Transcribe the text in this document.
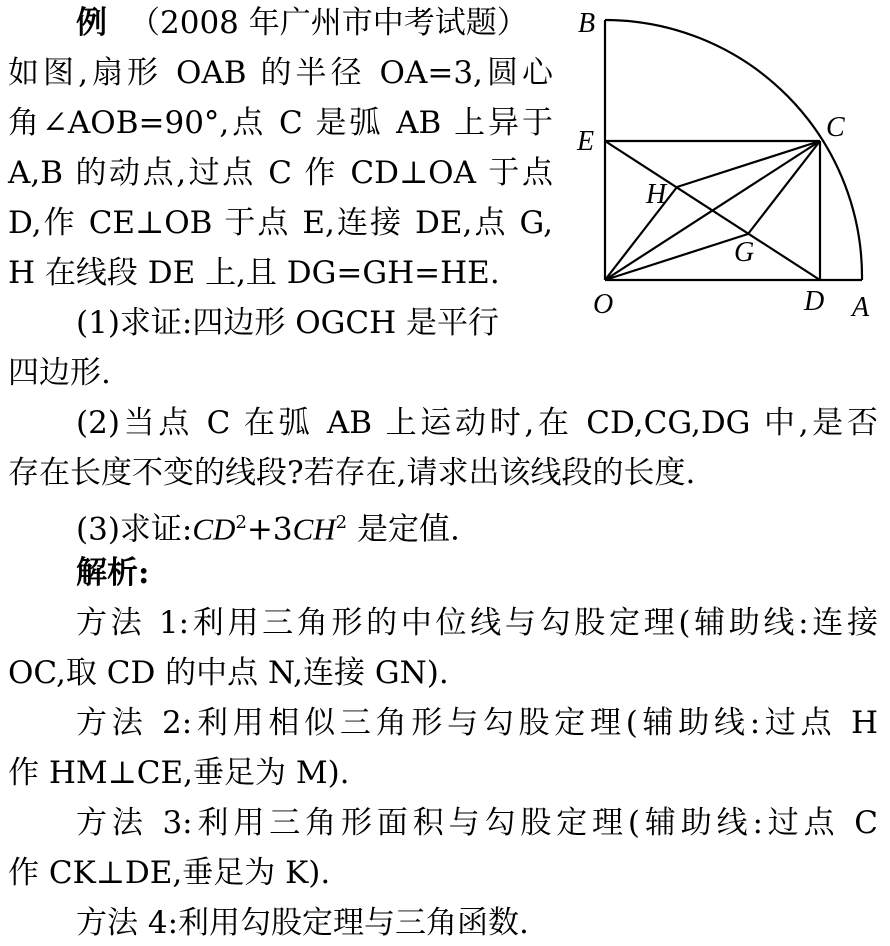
例 （2008 年广州市中考试题）
如图,扇形 OAB 的半径 OA=3,圆心
角∠AOB=90°,点 C 是弧 AB 上异于
A,B 的动点,过点 C 作 CD⊥OA 于点
D,作 CE⊥OB 于点 E,连接 DE,点 G,
H 在线段 DE 上,且 DG=GH=HE.
(1)求证:四边形 OGCH 是平行
四边形.
(2)当点 C 在弧 AB 上运动时,在 CD,CG,DG 中,是否
存在长度不变的线段?若存在,请求出该线段的长度.
(3)求证$:CD^2+3CH^2$ 是定值.
解析:
方法 1:利用三角形的中位线与勾股定理(辅助线:连接
OC,取 CD 的中点 N,连接 GN).
方法 2:利用相似三角形与勾股定理(辅助线:过点 H
作 HM⊥CE,垂足为 M).
方法 3:利用三角形面积与勾股定理(辅助线:过点 C
作 CK⊥DE,垂足为 K).
方法 4:利用勾股定理与三角函数.
B
E	C
H
G
O	D A
